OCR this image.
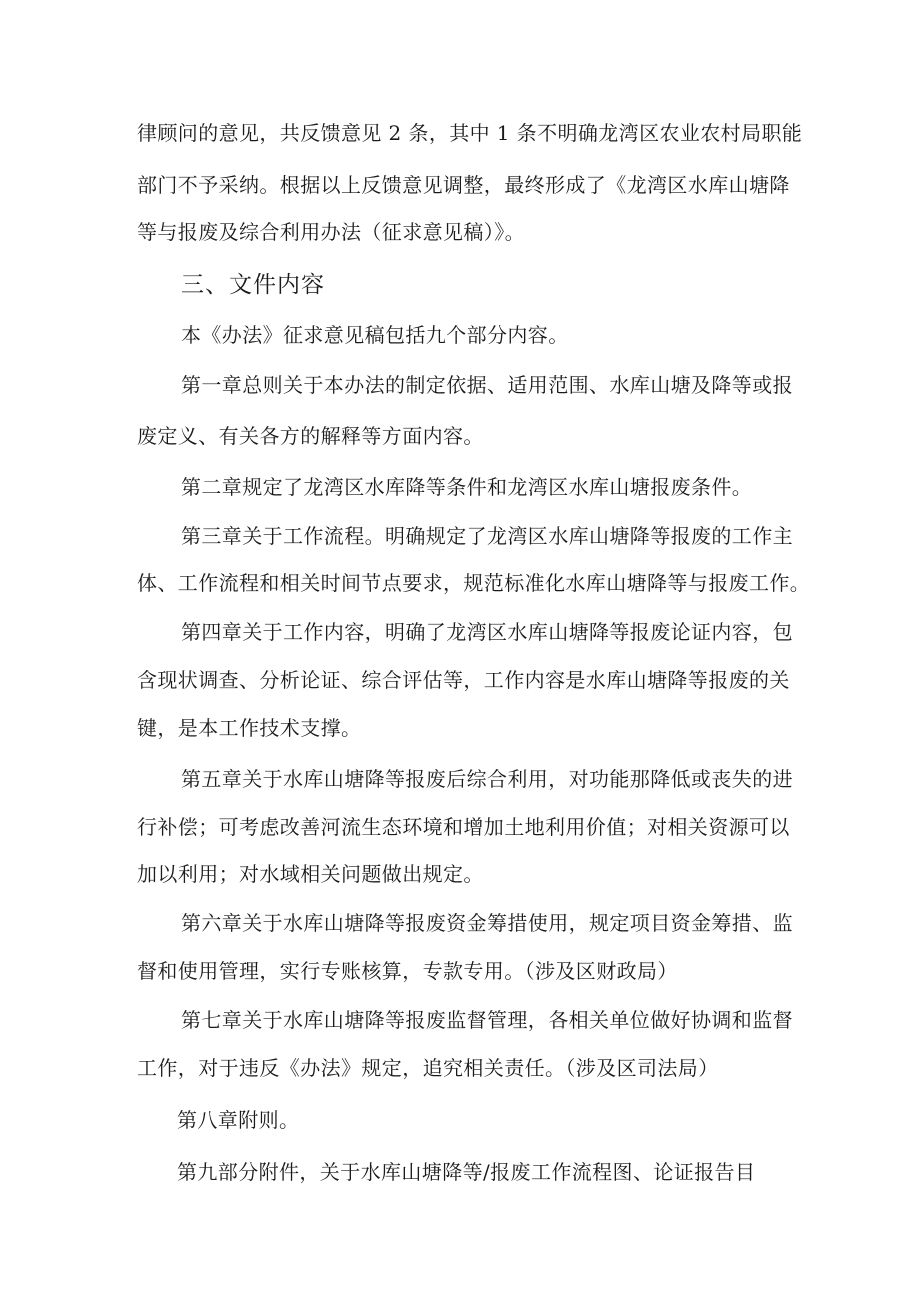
律顾问的意见，共反馈意见 2 条，其中 1 条不明确龙湾区农业农村局职能
部门不予采纳。根据以上反馈意见调整，最终形成了《龙湾区水库山塘降
等与报废及综合利用办法（征求意见稿）》。
三、文件内容
本《办法》征求意见稿包括九个部分内容。
第一章总则关于本办法的制定依据、适用范围、水库山塘及降等或报
废定义、有关各方的解释等方面内容。
第二章规定了龙湾区水库降等条件和龙湾区水库山塘报废条件。
第三章关于工作流程。明确规定了龙湾区水库山塘降等报废的工作主
体、工作流程和相关时间节点要求，规范标准化水库山塘降等与报废工作。
第四章关于工作内容，明确了龙湾区水库山塘降等报废论证内容，包
含现状调查、分析论证、综合评估等，工作内容是水库山塘降等报废的关
键，是本工作技术支撑。
第五章关于水库山塘降等报废后综合利用，对功能那降低或丧失的进
行补偿；可考虑改善河流生态环境和增加土地利用价值；对相关资源可以
加以利用；对水域相关问题做出规定。
第六章关于水库山塘降等报废资金筹措使用，规定项目资金筹措、监
督和使用管理，实行专账核算，专款专用。（涉及区财政局）
第七章关于水库山塘降等报废监督管理，各相关单位做好协调和监督
工作，对于违反《办法》规定，追究相关责任。（涉及区司法局）
第八章附则。
第九部分附件，关于水库山塘降等/报废工作流程图、论证报告目
